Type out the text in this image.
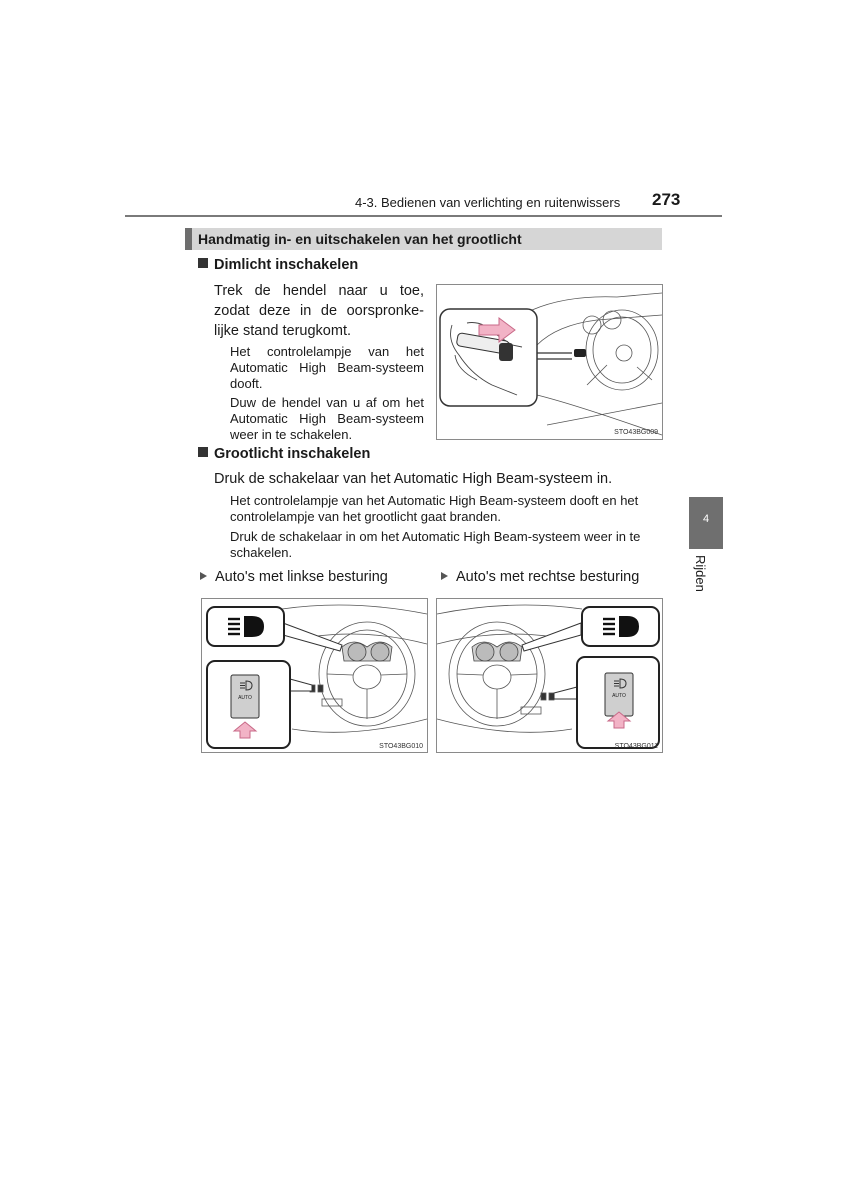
4-3. Bedienen van verlichting en ruitenwissers 273
Handmatig in- en uitschakelen van het grootlicht
Dimlicht inschakelen
Trek de hendel naar u toe,
zodat deze in de oorspronke-
lijke stand terugkomt.
Het controlelampje van het
Automatic High Beam-systeem
dooft.
Duw de hendel van u af om het
Automatic High Beam-systeem
weer in te schakelen.	STO43BG009
Grootlicht inschakelen
Druk de schakelaar van het Automatic High Beam-systeem in.
Het controlelampje van het Automatic High Beam-systeem dooft en het
controlelampje van het grootlicht gaat branden.
Druk de schakelaar in om het Automatic High Beam-systeem weer in te
schakelen.
Auto's met linkse besturing	Auto's met rechtse besturing
AUTO
STO43BG010
AUTO
STO43BG011
4
Rijden
